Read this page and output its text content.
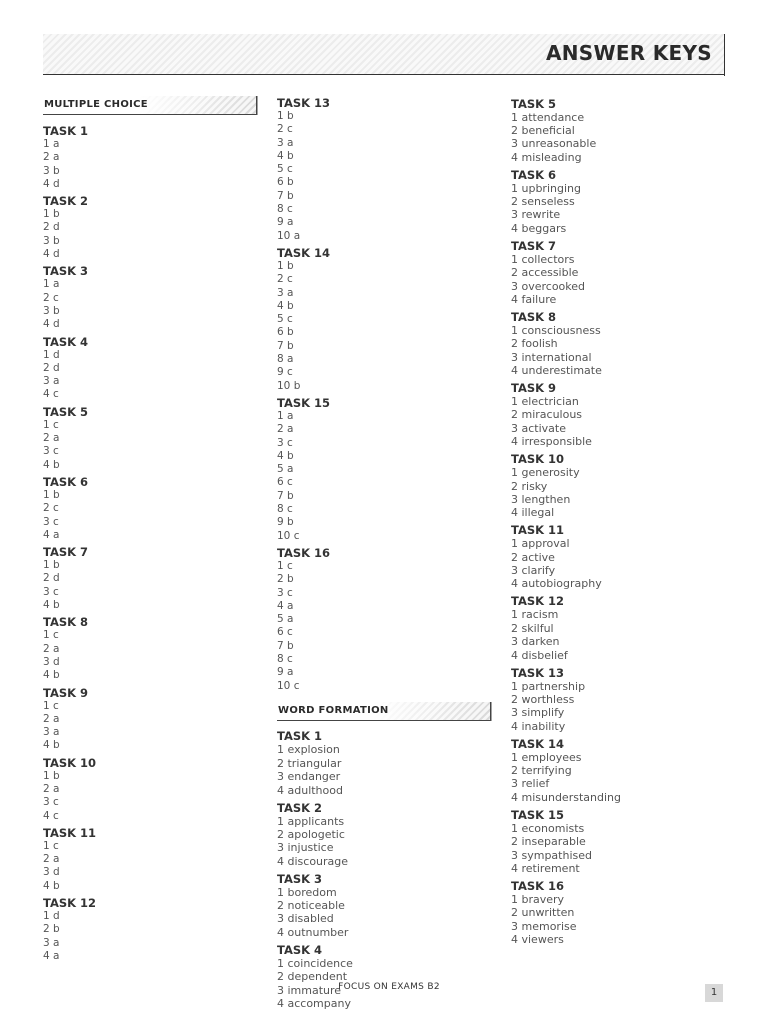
ANSWER KEYS
MULTIPLE CHOICE
TASK 1
1 a
2 a
3 b
4 d
TASK 2
1 b
2 d
3 b
4 d
TASK 3
1 a
2 c
3 b
4 d
TASK 4
1 d
2 d
3 a
4 c
TASK 5
1 c
2 a
3 c
4 b
TASK 6
1 b
2 c
3 c
4 a
TASK 7
1 b
2 d
3 c
4 b
TASK 8
1 c
2 a
3 d
4 b
TASK 9
1 c
2 a
3 a
4 b
TASK 10
1 b
2 a
3 c
4 c
TASK 11
1 c
2 a
3 d
4 b
TASK 12
1 d
2 b
3 a
4 a
TASK 13
1 b
2 c
3 a
4 b
5 c
6 b
7 b
8 c
9 a
10 a
TASK 14
1 b
2 c
3 a
4 b
5 c
6 b
7 b
8 a
9 c
10 b
TASK 15
1 a
2 a
3 c
4 b
5 a
6 c
7 b
8 c
9 b
10 c
TASK 16
1 c
2 b
3 c
4 a
5 a
6 c
7 b
8 c
9 a
10 c
WORD FORMATION
TASK 1
1 explosion
2 triangular
3 endanger
4 adulthood
TASK 2
1 applicants
2 apologetic
3 injustice
4 discourage
TASK 3
1 boredom
2 noticeable
3 disabled
4 outnumber
TASK 4
1 coincidence
2 dependent
3 immature
4 accompany
TASK 5
1 attendance
2 beneficial
3 unreasonable
4 misleading
TASK 6
1 upbringing
2 senseless
3 rewrite
4 beggars
TASK 7
1 collectors
2 accessible
3 overcooked
4 failure
TASK 8
1 consciousness
2 foolish
3 international
4 underestimate
TASK 9
1 electrician
2 miraculous
3 activate
4 irresponsible
TASK 10
1 generosity
2 risky
3 lengthen
4 illegal
TASK 11
1 approval
2 active
3 clarify
4 autobiography
TASK 12
1 racism
2 skilful
3 darken
4 disbelief
TASK 13
1 partnership
2 worthless
3 simplify
4 inability
TASK 14
1 employees
2 terrifying
3 relief
4 misunderstanding
TASK 15
1 economists
2 inseparable
3 sympathised
4 retirement
TASK 16
1 bravery
2 unwritten
3 memorise
4 viewers
FOCUS ON EXAMS B2	1
